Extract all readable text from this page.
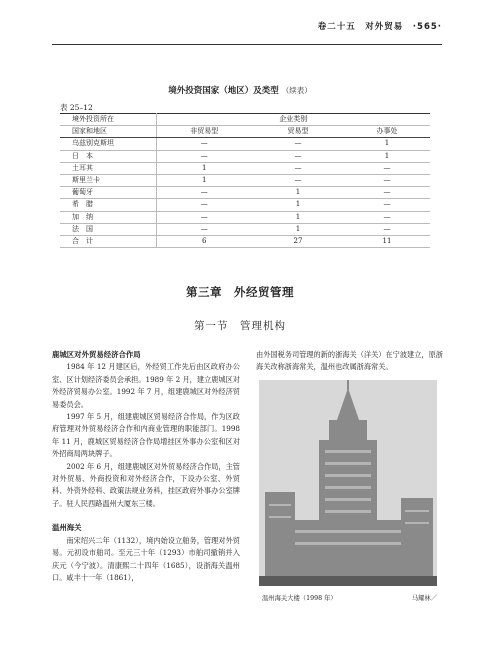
卷二十五　对外贸易　·565·
境外投资国家（地区）及类型 （续表）
表 25–12
境外投资所在	企业类别		
国家和地区	非贸易型	贸易型	办事处
乌兹别克斯坦	—	—	1
日　本	—	—	1
土耳其	1	—	—
斯里兰卡	1	—	—
葡萄牙	—	1	—
希　腊	—	1	—
加　纳	—	1	—
法　国	—	1	—
合　计	6	27	11
第三章　外经贸管理
第一节　管理机构

鹿城区对外贸易经济合作局

1984 年 12 月建区后，外经贸工作先后由区政府办公室、区计划经济委员会承担。1989 年 2 月，建立鹿城区对外经济贸易办公室。1992 年 7 月，组建鹿城区对外经济贸易委员会。

1997 年 5 月，组建鹿城区贸易经济合作局，作为区政府管理对外贸易经济合作和内商业管理的职能部门。1998 年 11 月，鹿城区贸易经济合作局增挂区外事办公室和区对外招商局两块牌子。

2002 年 6 月，组建鹿城区对外贸易经济合作局，主管对外贸易、外商投资和对外经济合作，下设办公室、外贸科、外资外经科、政策法规业务科，挂区政府外事办公室牌子。驻人民西路温州大厦东三楼。

温州海关

南宋绍兴二年（1132），境内始设立舶务，管理对外贸易。元初设市舶司。至元三十年（1293）市舶司撤销并入庆元（今宁波）。清康熙二十四年（1685），设浙海关温州口。咸丰十一年（1861），

由外国税务司管理的新的浙海关（洋关）在宁波建立，原浙海关改称浙海常关，温州也改属浙海常关。

温州海关大楼（1998 年）	马耀林／
